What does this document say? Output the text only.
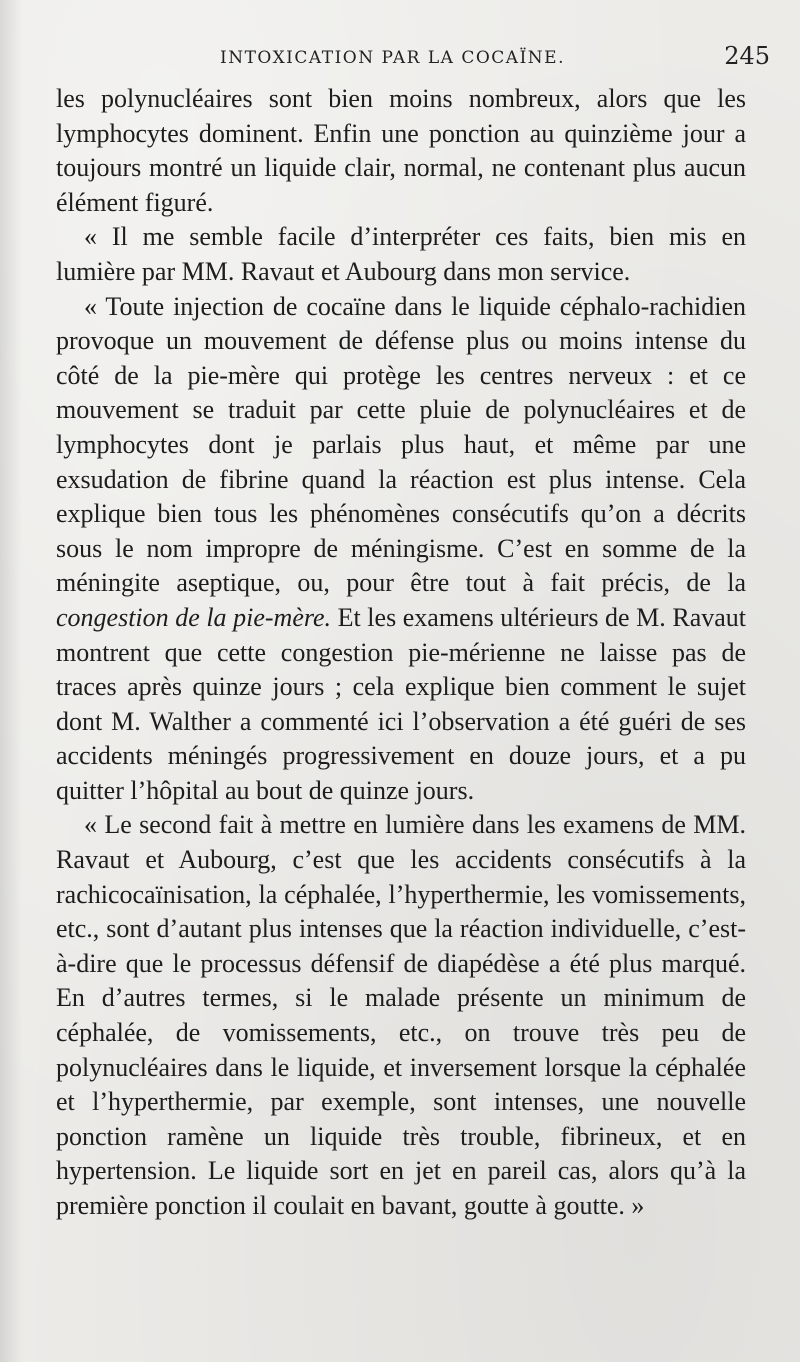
INTOXICATION PAR LA COCAÏNE.	245

les polynucléaires sont bien moins nombreux, alors que les lymphocytes dominent. Enfin une ponction au quinzième jour a toujours montré un liquide clair, normal, ne contenant plus aucun élément figuré.

« Il me semble facile d’interpréter ces faits, bien mis en lumière par MM. Ravaut et Aubourg dans mon service.

« Toute injection de cocaïne dans le liquide céphalo-rachidien provoque un mouvement de défense plus ou moins intense du côté de la pie-mère qui protège les centres nerveux : et ce mouvement se traduit par cette pluie de polynucléaires et de lymphocytes dont je parlais plus haut, et même par une exsudation de fibrine quand la réaction est plus intense. Cela explique bien tous les phénomènes consécutifs qu’on a décrits sous le nom impropre de méningisme. C’est en somme de la méningite aseptique, ou, pour être tout à fait précis, de la congestion de la pie-mère. Et les examens ultérieurs de M. Ravaut montrent que cette congestion pie-mérienne ne laisse pas de traces après quinze jours ; cela explique bien comment le sujet dont M. Walther a commenté ici l’observation a été guéri de ses accidents méningés progressivement en douze jours, et a pu quitter l’hôpital au bout de quinze jours.

« Le second fait à mettre en lumière dans les examens de MM. Ravaut et Aubourg, c’est que les accidents consécutifs à la rachicocaïnisation, la céphalée, l’hyperthermie, les vomissements, etc., sont d’autant plus intenses que la réaction individuelle, c’est-à-dire que le processus défensif de diapédèse a été plus marqué. En d’autres termes, si le malade présente un minimum de céphalée, de vomissements, etc., on trouve très peu de polynucléaires dans le liquide, et inversement lorsque la céphalée et l’hyperthermie, par exemple, sont intenses, une nouvelle ponction ramène un liquide très trouble, fibrineux, et en hypertension. Le liquide sort en jet en pareil cas, alors qu’à la première ponction il coulait en bavant, goutte à goutte. »
